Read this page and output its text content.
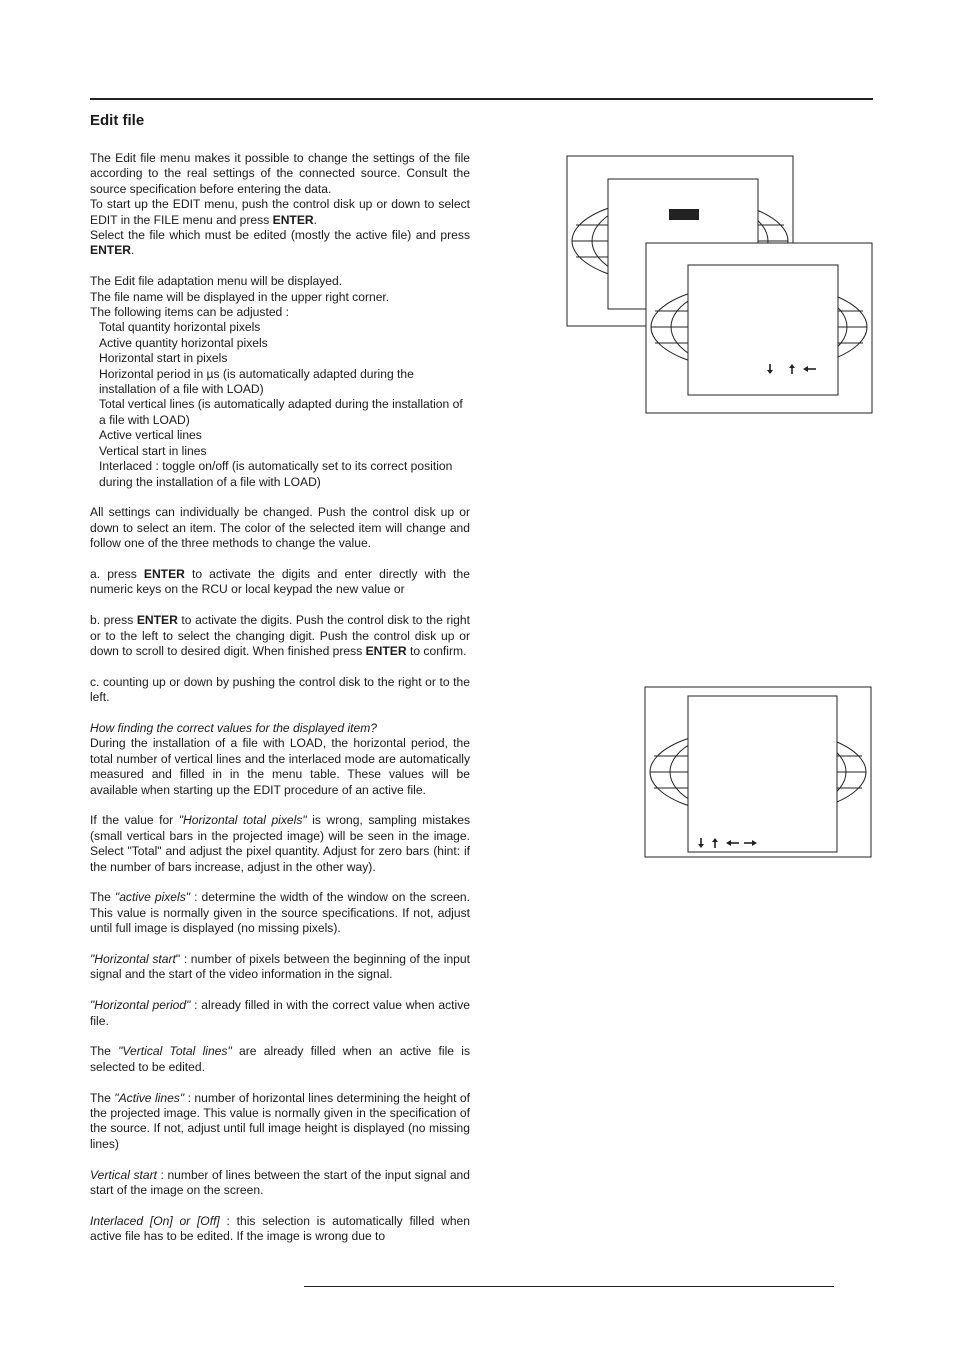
Edit file

The Edit file menu makes it possible to change the settings of the file according to the real settings of the connected source. Consult the source specification before entering the data.

To start up the EDIT menu, push the control disk up or down to select EDIT in the FILE menu and press ENTER.

Select the file which must be edited (mostly the active file) and press ENTER.

The Edit file adaptation menu will be displayed.
The file name will be displayed in the upper right corner.
The following items can be adjusted :
Total quantity horizontal pixels
Active quantity horizontal pixels
Horizontal start in pixels
Horizontal period in µs (is automatically adapted during the installation of a file with LOAD)
Total vertical lines (is automatically adapted during the installation of a file with LOAD)
Active vertical lines
Vertical start in lines
Interlaced : toggle on/off (is automatically set to its correct position during the installation of a file with LOAD)

All settings can individually be changed. Push the control disk up or down to select an item. The color of the selected item will change and follow one of the three methods to change the value.

a. press ENTER to activate the digits and enter directly with the numeric keys on the RCU or local keypad the new value or

b. press ENTER to activate the digits. Push the control disk to the right or to the left to select the changing digit. Push the control disk up or down to scroll to desired digit. When finished press ENTER to confirm.

c. counting up or down by pushing the control disk to the right or to the left.

How finding the correct values for the displayed item?
During the installation of a file with LOAD, the horizontal period, the total number of vertical lines and the interlaced mode are automatically measured and filled in in the menu table. These values will be available when starting up the EDIT procedure of an active file.

If the value for "Horizontal total pixels" is wrong, sampling mistakes (small vertical bars in the projected image) will be seen in the image. Select "Total" and adjust the pixel quantity. Adjust for zero bars (hint: if the number of bars increase, adjust in the other way).

The "active pixels" : determine the width of the window on the screen. This value is normally given in the source specifications. If not, adjust until full image is displayed (no missing pixels).

"Horizontal start" : number of pixels between the beginning of the input signal and the start of the video information in the signal.

"Horizontal period" : already filled in with the correct value when active file.

The "Vertical Total lines" are already filled when an active file is selected to be edited.

The "Active lines" : number of horizontal lines determining the height of the projected image. This value is normally given in the specification of the source. If not, adjust until full image height is displayed (no missing lines)

Vertical start : number of lines between the start of the input signal and start of the image on the screen.

Interlaced [On] or [Off] : this selection is automatically filled when active file has to be edited. If the image is wrong due to
